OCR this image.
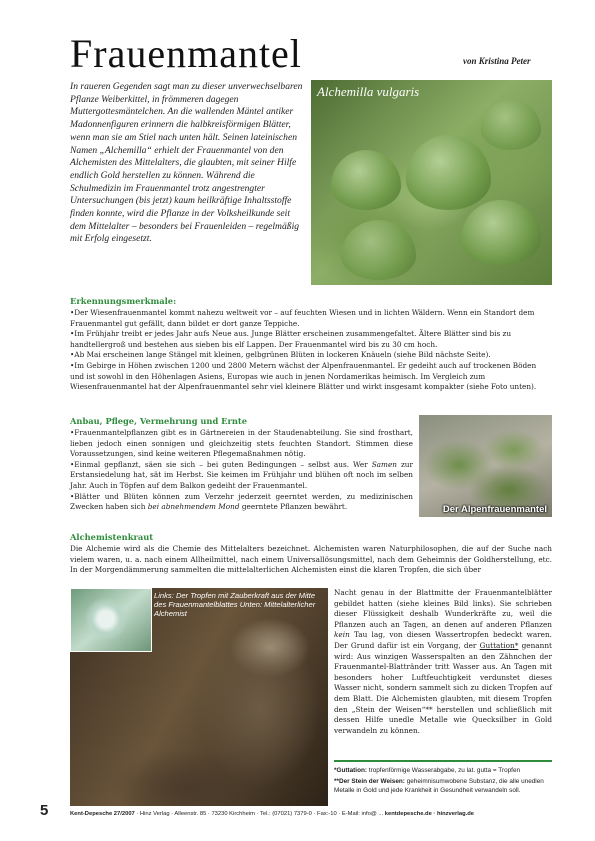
Frauenmantel	von Kristina Peter

In raueren Gegenden sagt man zu dieser unverwechselbaren Pflanze Weiberkittel, in frömmeren dagegen Muttergottesmäntelchen. An die wallenden Mäntel antiker Madonnenfiguren erinnern die halbkreisförmigen Blätter, wenn man sie am Stiel nach unten hält. Seinen lateinischen Namen „Alchemilla“ erhielt der Frauenmantel von den Alchemisten des Mittelalters, die glaubten, mit seiner Hilfe endlich Gold herstellen zu können. Während die Schulmedizin im Frauenmantel trotz angestrengter Untersuchungen (bis jetzt) kaum heilkräftige Inhaltsstoffe finden konnte, wird die Pflanze in der Volksheilkunde seit dem Mittelalter – besonders bei Frauenleiden – regelmäßig mit Erfolg eingesetzt.

Alchemilla vulgaris

Erkennungsmerkmale:

•Der Wiesenfrauenmantel kommt nahezu weltweit vor – auf feuchten Wiesen und in lichten Wäldern. Wenn ein Standort dem Frauenmantel gut gefällt, dann bildet er dort ganze Teppiche.

•Im Frühjahr treibt er jedes Jahr aufs Neue aus. Junge Blätter erscheinen zusammengefaltet. Ältere Blätter sind bis zu handtellergroß und bestehen aus sieben bis elf Lappen. Der Frauenmantel wird bis zu 30 cm hoch.

•Ab Mai erscheinen lange Stängel mit kleinen, gelbgrünen Blüten in lockeren Knäueln (siehe Bild nächste Seite).

•Im Gebirge in Höhen zwischen 1200 und 2800 Metern wächst der Alpenfrauenmantel. Er gedeiht auch auf trockenen Böden und ist sowohl in den Höhenlagen Asiens, Europas wie auch in jenen Nordamerikas heimisch. Im Vergleich zum Wiesenfrauenmantel hat der Alpenfrauenmantel sehr viel kleinere Blätter und wirkt insgesamt kompakter (siehe Foto unten).

Anbau, Pflege, Vermehrung und Ernte

•Frauenmantelpflanzen gibt es in Gärtnereien in der Staudenabteilung. Sie sind frosthart, lieben jedoch einen sonnigen und gleichzeitig stets feuchten Standort. Stimmen diese Voraussetzungen, sind keine weiteren Pflegemaßnahmen nötig.

•Einmal gepflanzt, säen sie sich – bei guten Bedingungen – selbst aus. Wer Samen zur Erstansiedelung hat, sät im Herbst. Sie keimen im Frühjahr und blühen oft noch im selben Jahr. Auch in Töpfen auf dem Balkon gedeiht der Frauenmantel.

•Blätter und Blüten können zum Verzehr jederzeit geerntet werden, zu medizinischen Zwecken haben sich bei abnehmendem Mond geerntete Pflanzen bewährt.	Der Alpenfrauenmantel

Alchemistenkraut

Die Alchemie wird als die Chemie des Mittelalters bezeichnet. Alchemisten waren Naturphilosophen, die auf der Suche nach vielem waren, u. a. nach einem Allheilmittel, nach einem Universallösungsmittel, nach dem Geheimnis der Goldherstellung, etc. In der Morgendämmerung sammelten die mittelalterlichen Alchemisten einst die klaren Tropfen, die sich über

Links: Der Tropfen mit Zauberkraft aus der Mitte des Frauenmantelblattes Unten: Mittelalterlicher Alchemist
Nacht genau in der Blattmitte der Frauenmantelblätter gebildet hatten (siehe kleines Bild links). Sie schrieben dieser Flüssigkeit deshalb Wunderkräfte zu, weil die Pflanzen auch an Tagen, an denen auf anderen Pflanzen kein Tau lag, von diesen Wassertropfen bedeckt waren. Der Grund dafür ist ein Vorgang, der Guttation* genannt wird: Aus winzigen Wasserspalten an den Zähnchen der Frauenmantel-Blattränder tritt Wasser aus. An Tagen mit besonders hoher Luftfeuchtigkeit verdunstet dieses Wasser nicht, sondern sammelt sich zu dicken Tropfen auf dem Blatt. Die Alchemisten glaubten, mit diesem Tropfen den „Stein der Weisen“** herstellen und schließlich mit dessen Hilfe unedle Metalle wie Quecksilber in Gold verwandeln zu können.

*Guttation: tropfenförmige Wasserabgabe, zu lat. gutta = Tropfen

**Der Stein der Weisen: geheimnisumwobene Substanz, die alle unedlen Metalle in Gold und jede Krankheit in Gesundheit verwandeln soll.

5	Kent-Depesche 27/2007 · Hinz Verlag · Alleenstr. 85 · 73230 Kirchheim · Tel.: (07021) 7379-0 · Fax:-10 · E-Mail: info@ ... kentdepesche.de · hinzverlag.de
